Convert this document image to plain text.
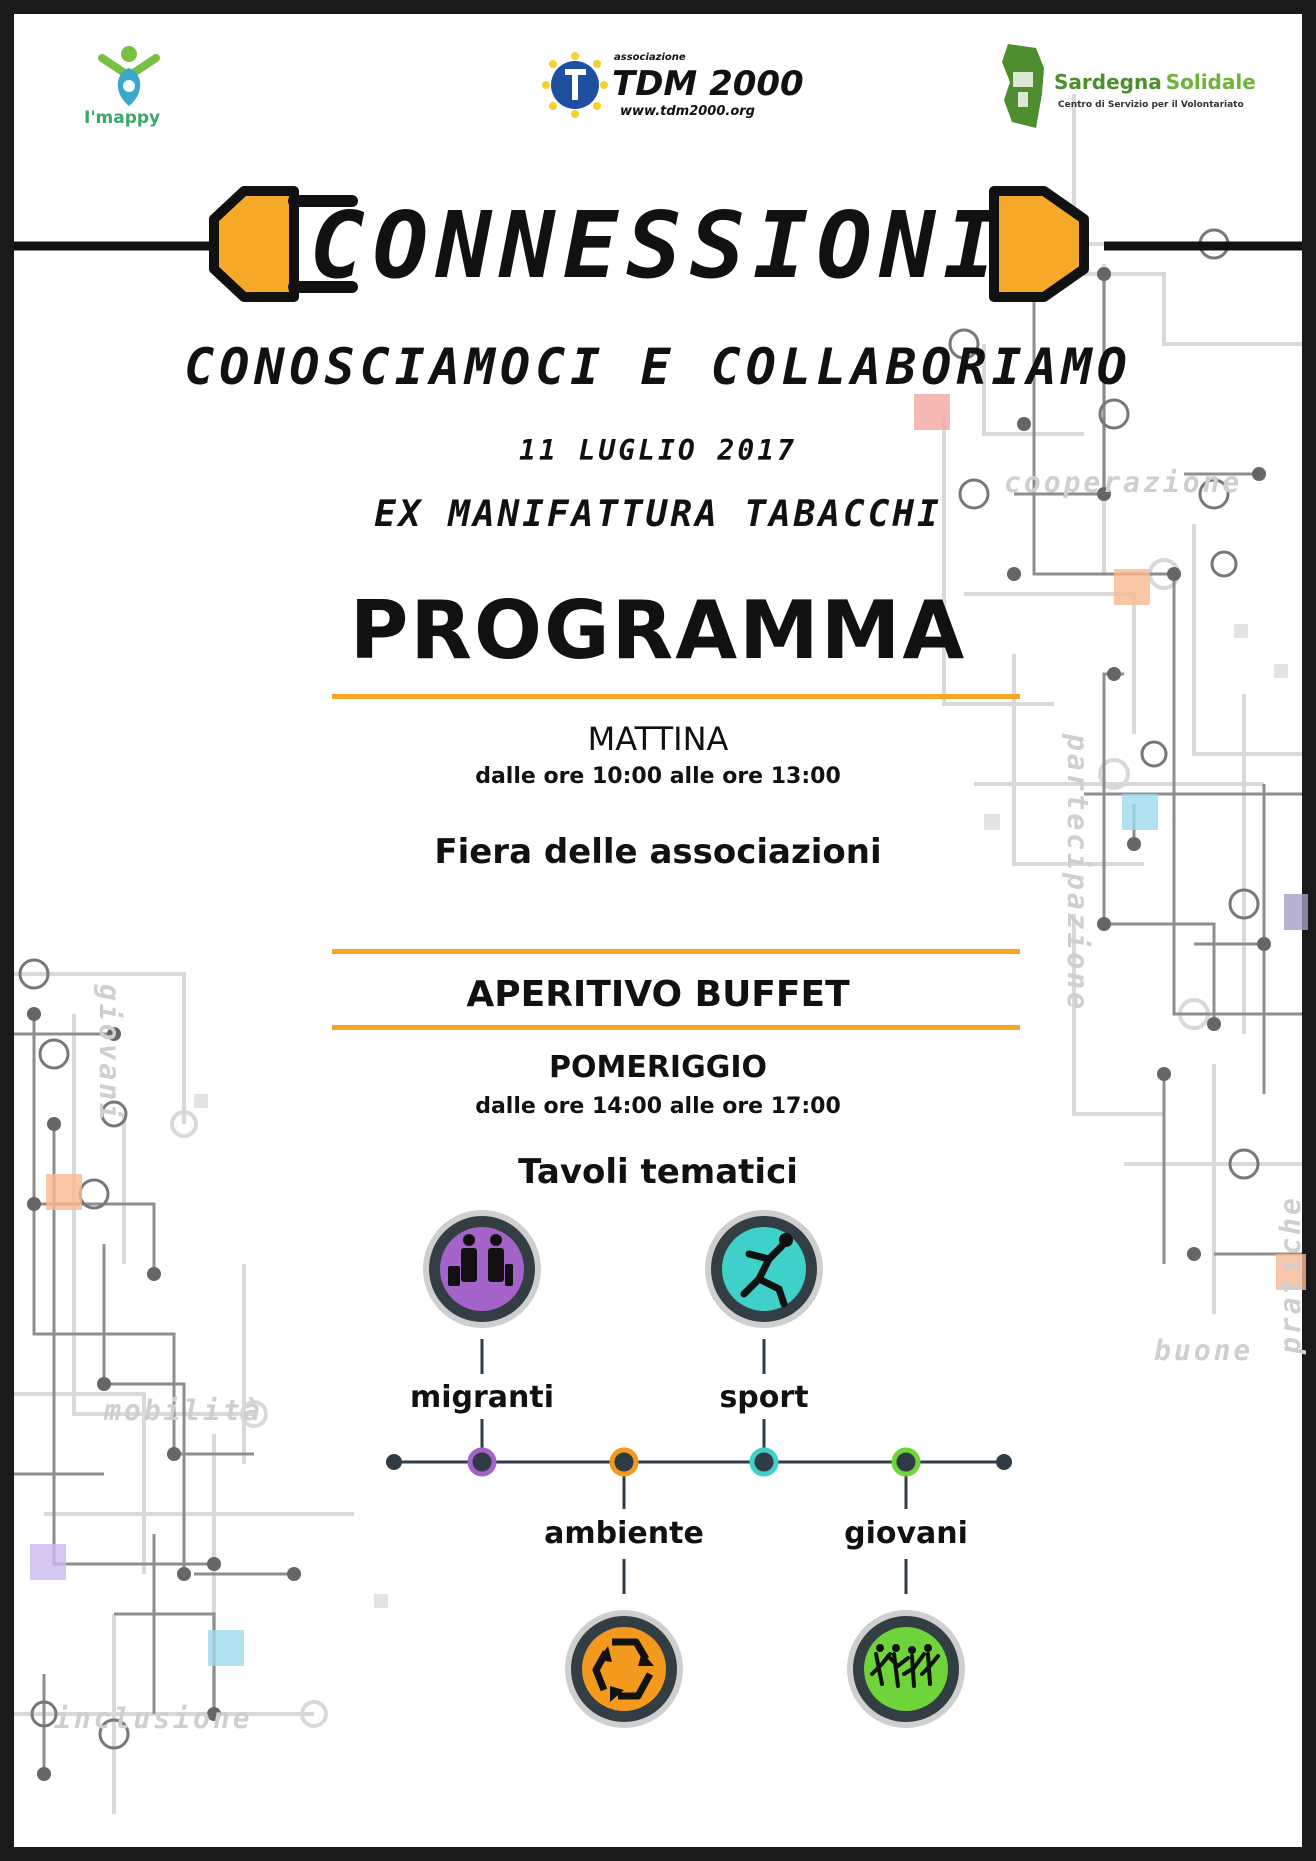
I'mappy
associazione
TDM 2000
www.tdm2000.org
Sardegna Solidale
Centro di Servizio per il Volontariato
CONNESSIONI
CONOSCIAMOCI E COLLABORIAMO
11 LUGLIO 2017
EX MANIFATTURA TABACCHI
PROGRAMMA
MATTINA
dalle ore 10:00 alle ore 13:00
Fiera delle associazioni
APERITIVO BUFFET
POMERIGGIO
dalle ore 14:00 alle ore 17:00
Tavoli tematici
migranti	sport
ambiente	giovani
cooperazione
partecipazione
giovani
mobilità
buone pratiche
inclusione
